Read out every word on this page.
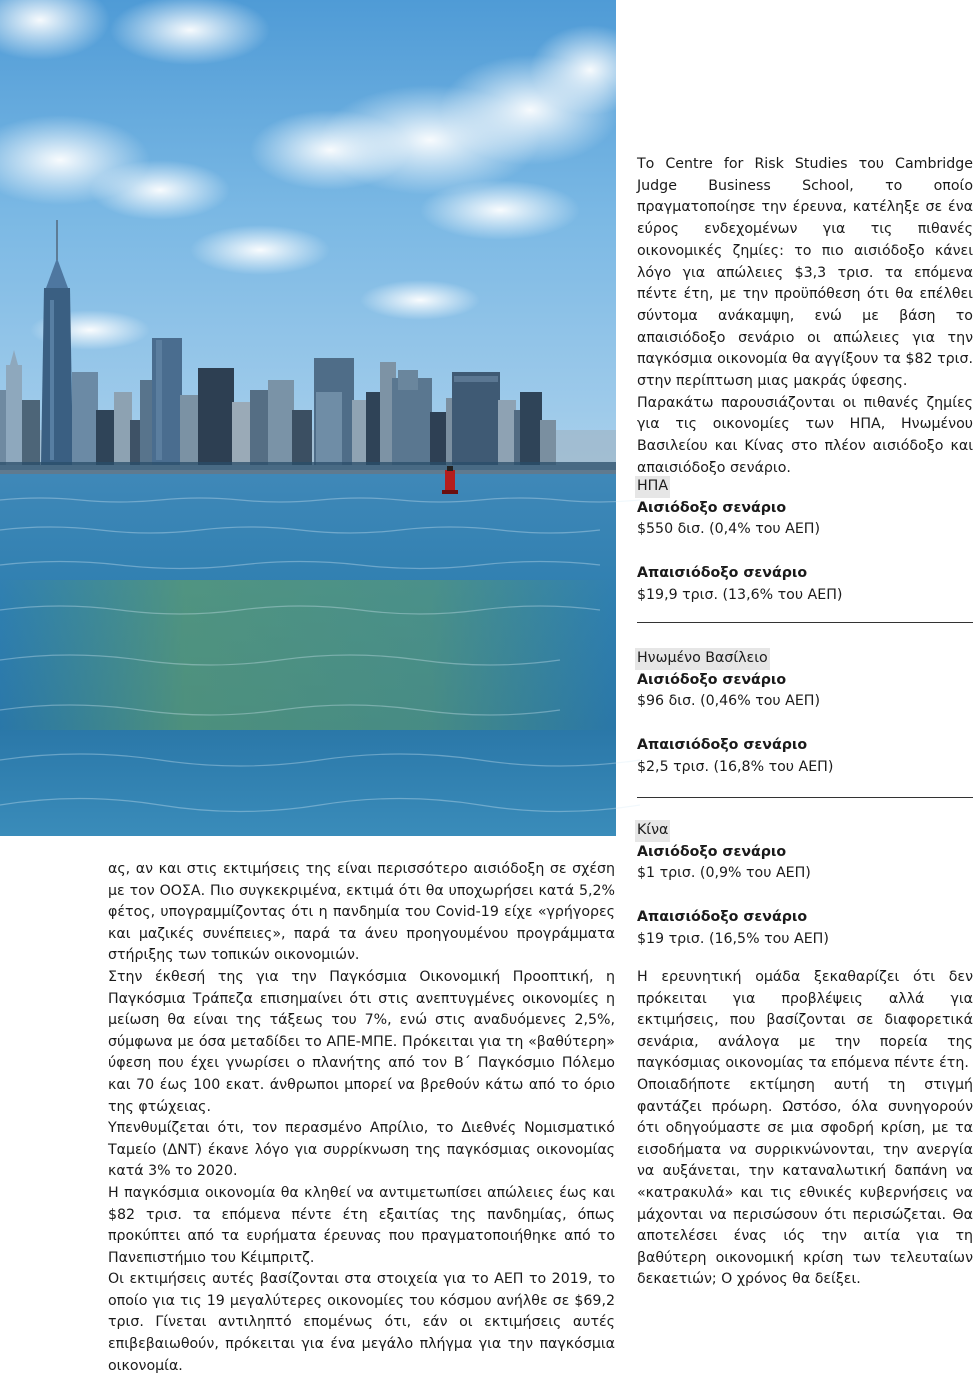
Το Centre for Risk Studies του Cambridge Judge Business School, το οποίο πραγματοποίησε την έρευνα, κατέληξε σε ένα εύρος ενδεχομένων για τις πιθανές οικονομικές ζημίες: το πιο αισιόδοξο κάνει λόγο για απώλειες $3,3 τρισ. τα επόμενα πέντε έτη, με την προϋπόθεση ότι θα επέλθει σύντομα ανάκαμψη, ενώ με βάση το απαισιόδοξο σενάριο οι απώλειες για την παγκόσμια οικονομία θα αγγίξουν τα $82 τρισ. στην περίπτωση μιας μακράς ύφεσης.

Παρακάτω παρουσιάζονται οι πιθανές ζημίες για τις οικονομίες των ΗΠΑ, Ηνωμένου Βασιλείου και Κίνας στο πλέον αισιόδοξο και απαισιόδοξο σενάριο.

ΗΠΑ
Αισιόδοξο σενάριο
$550 δισ. (0,4% του ΑΕΠ)
Απαισιόδοξο σενάριο
$19,9 τρισ. (13,6% του ΑΕΠ)
Ηνωμένο Βασίλειο
Αισιόδοξο σενάριο
$96 δισ. (0,46% του ΑΕΠ)
Απαισιόδοξο σενάριο
$2,5 τρισ. (16,8% του ΑΕΠ)
Κίνα
Αισιόδοξο σενάριο
$1 τρισ. (0,9% του ΑΕΠ)
Απαισιόδοξο σενάριο
$19 τρισ. (16,5% του ΑΕΠ)

Η ερευνητική ομάδα ξεκαθαρίζει ότι δεν πρόκειται για προβλέψεις αλλά για εκτιμήσεις, που βασίζονται σε διαφορετικά σενάρια, ανάλογα με την πορεία της παγκόσμιας οικονομίας τα επόμενα πέντε έτη.

Οποιαδήποτε εκτίμηση αυτή τη στιγμή φαντάζει πρόωρη. Ωστόσο, όλα συνηγορούν ότι οδηγούμαστε σε μια σφοδρή κρίση, με τα εισοδήματα να συρρικνώνονται, την ανεργία να αυξάνεται, την καταναλωτική δαπάνη να «κατρακυλά» και τις εθνικές κυβερνήσεις να μάχονται να περισώσουν ότι περισώζεται. Θα αποτελέσει ένας ιός την αιτία για τη βαθύτερη οικονομική κρίση των τελευταίων δεκαετιών; Ο χρόνος θα δείξει.

ας, αν και στις εκτιμήσεις της είναι περισσότερο αισιόδοξη σε σχέση με τον ΟΟΣΑ. Πιο συγκεκριμένα, εκτιμά ότι θα υποχωρήσει κατά 5,2% φέτος, υπογραμμίζοντας ότι η πανδημία του Covid-19 είχε «γρήγορες και μαζικές συνέπειες», παρά τα άνευ προηγουμένου προγράμματα στήριξης των τοπικών οικονομιών.

Στην έκθεσή της για την Παγκόσμια Οικονομική Προοπτική, η Παγκόσμια Τράπεζα επισημαίνει ότι στις ανεπτυγμένες οικονομίες η μείωση θα είναι της τάξεως του 7%, ενώ στις αναδυόμενες 2,5%, σύμφωνα με όσα μεταδίδει το ΑΠΕ-ΜΠΕ. Πρόκειται για τη «βαθύτερη» ύφεση που έχει γνωρίσει ο πλανήτης από τον Β΄ Παγκόσμιο Πόλεμο και 70 έως 100 εκατ. άνθρωποι μπορεί να βρεθούν κάτω από το όριο της φτώχειας.

Υπενθυμίζεται ότι, τον περασμένο Απρίλιο, το Διεθνές Νομισματικό Ταμείο (ΔΝΤ) έκανε λόγο για συρρίκνωση της παγκόσμιας οικονομίας κατά 3% το 2020.

Η παγκόσμια οικονομία θα κληθεί να αντιμετωπίσει απώλειες έως και $82 τρισ. τα επόμενα πέντε έτη εξαιτίας της πανδημίας, όπως προκύπτει από τα ευρήματα έρευνας που πραγματοποιήθηκε από το Πανεπιστήμιο του Κέιμπριτζ.

Οι εκτιμήσεις αυτές βασίζονται στα στοιχεία για το ΑΕΠ το 2019, το οποίο για τις 19 μεγαλύτερες οικονομίες του κόσμου ανήλθε σε $69,2 τρισ. Γίνεται αντιληπτό επομένως ότι, εάν οι εκτιμήσεις αυτές επιβεβαιωθούν, πρόκειται για ένα μεγάλο πλήγμα για την παγκόσμια οικονομία.
